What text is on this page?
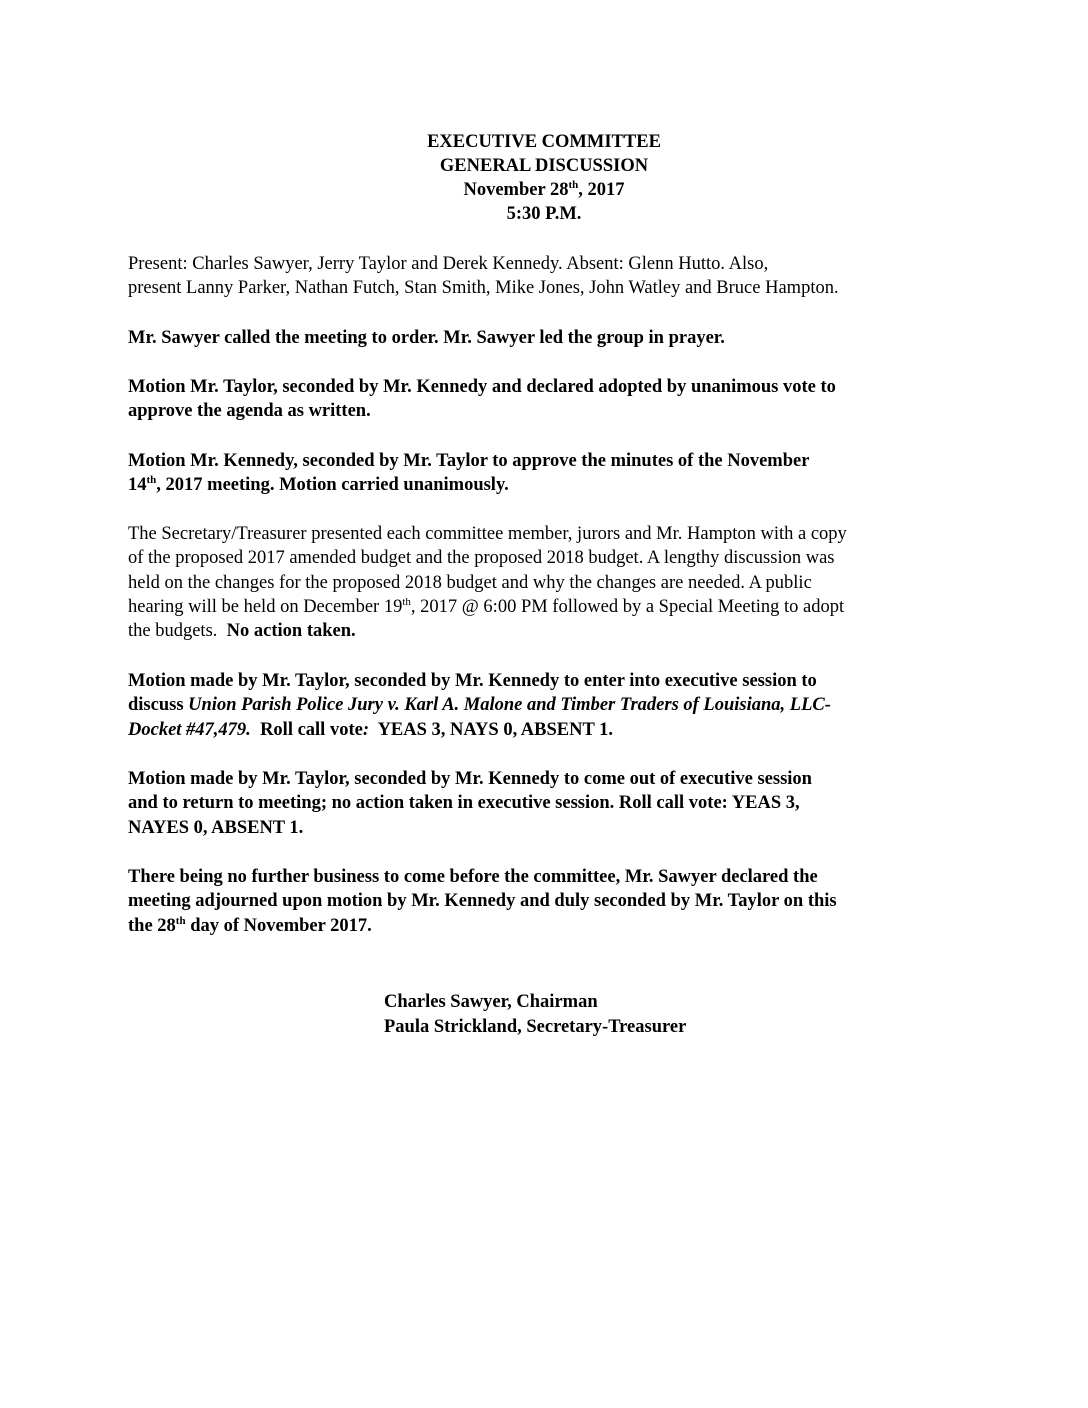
EXECUTIVE COMMITTEE
GENERAL DISCUSSION
November 28th, 2017
5:30 P.M.
Present: Charles Sawyer, Jerry Taylor and Derek Kennedy. Absent: Glenn Hutto. Also,
present Lanny Parker, Nathan Futch, Stan Smith, Mike Jones, John Watley and Bruce Hampton.
Mr. Sawyer called the meeting to order. Mr. Sawyer led the group in prayer.
Motion Mr. Taylor, seconded by Mr. Kennedy and declared adopted by unanimous vote to
approve the agenda as written.
Motion Mr. Kennedy, seconded by Mr. Taylor to approve the minutes of the November
14th, 2017 meeting. Motion carried unanimously.
The Secretary/Treasurer presented each committee member, jurors and Mr. Hampton with a copy
of the proposed 2017 amended budget and the proposed 2018 budget. A lengthy discussion was
held on the changes for the proposed 2018 budget and why the changes are needed. A public
hearing will be held on December 19th, 2017 @ 6:00 PM followed by a Special Meeting to adopt
the budgets.  No action taken.
Motion made by Mr. Taylor, seconded by Mr. Kennedy to enter into executive session to
discuss Union Parish Police Jury v. Karl A. Malone and Timber Traders of Louisiana, LLC-
Docket #47,479.  Roll call vote:  YEAS 3, NAYS 0, ABSENT 1.
Motion made by Mr. Taylor, seconded by Mr. Kennedy to come out of executive session
and to return to meeting; no action taken in executive session. Roll call vote: YEAS 3,
NAYES 0, ABSENT 1.
There being no further business to come before the committee, Mr. Sawyer declared the
meeting adjourned upon motion by Mr. Kennedy and duly seconded by Mr. Taylor on this
the 28th day of November 2017.
Charles Sawyer, Chairman
Paula Strickland, Secretary-Treasurer
